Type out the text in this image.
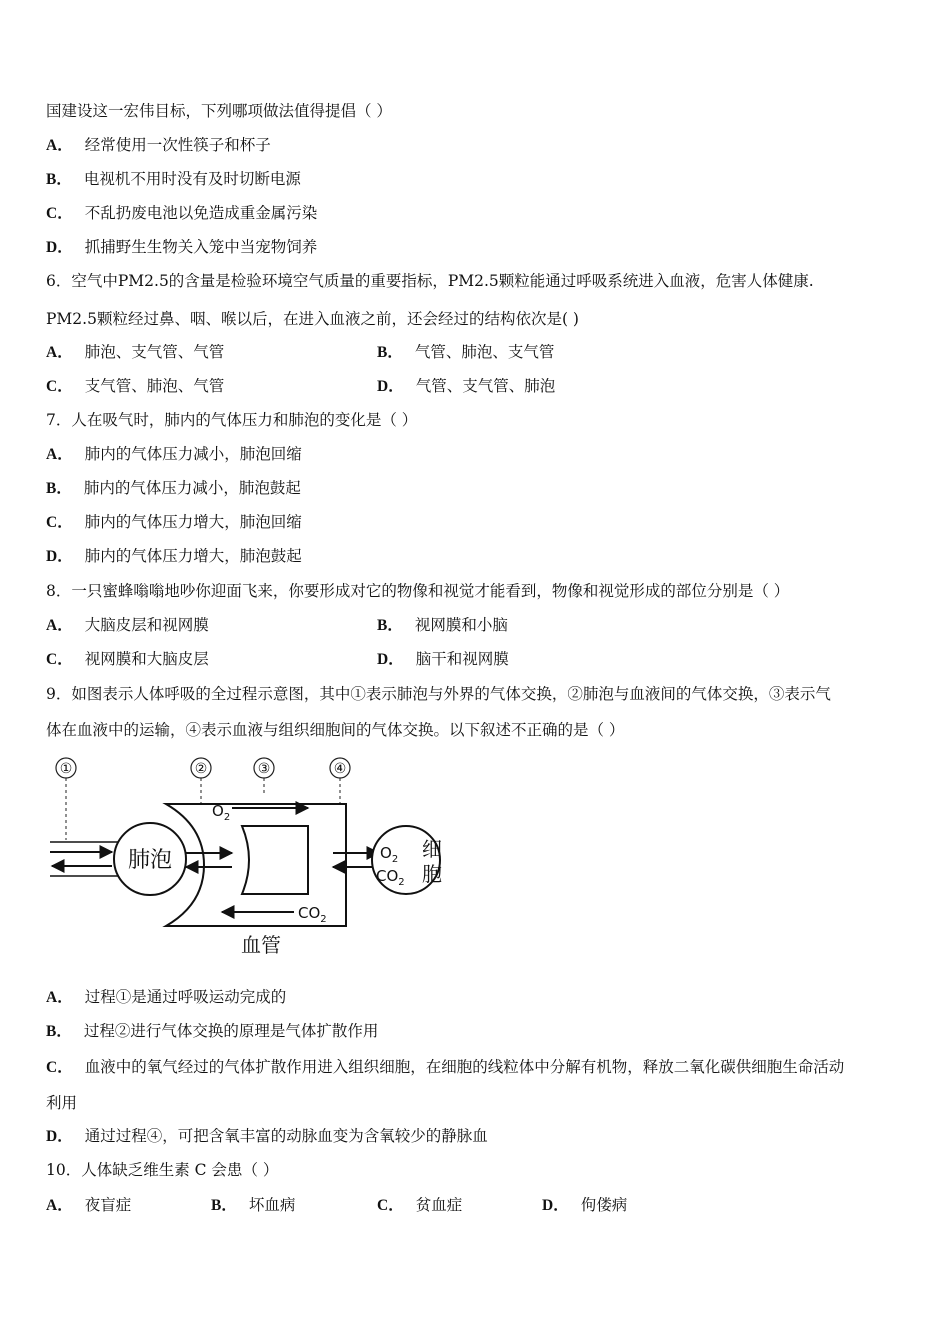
国建设这一宏伟目标，下列哪项做法值得提倡（ ）
A． 经常使用一次性筷子和杯子
B． 电视机不用时没有及时切断电源
C． 不乱扔废电池以免造成重金属污染
D． 抓捕野生生物关入笼中当宠物饲养
6．空气中PM2.5的含量是检验环境空气质量的重要指标，PM2.5颗粒能通过呼吸系统进入血液，危害人体健康.
PM2.5颗粒经过鼻、咽、喉以后，在进入血液之前，还会经过的结构依次是( )
A． 肺泡、支气管、气管	B． 气管、肺泡、支气管
C． 支气管、肺泡、气管	D． 气管、支气管、肺泡
7．人在吸气时，肺内的气体压力和肺泡的变化是（ ）
A． 肺内的气体压力减小，肺泡回缩
B． 肺内的气体压力减小，肺泡鼓起
C． 肺内的气体压力增大，肺泡回缩
D． 肺内的气体压力增大，肺泡鼓起
8．一只蜜蜂嗡嗡地吵你迎面飞来，你要形成对它的物像和视觉才能看到，物像和视觉形成的部位分别是（ ）
A． 大脑皮层和视网膜	B． 视网膜和小脑
C． 视网膜和大脑皮层	D． 脑干和视网膜
9．如图表示人体呼吸的全过程示意图，其中①表示肺泡与外界的气体交换，②肺泡与血液间的气体交换，③表示气
体在血液中的运输，④表示血液与组织细胞间的气体交换。以下叙述不正确的是（ ）
①	②	③	④
肺泡
$O_2$
$CO_2$
$O_2$
$CO_2$
细
胞
血管
A． 过程①是通过呼吸运动完成的
B． 过程②进行气体交换的原理是气体扩散作用
C． 血液中的氧气经过的气体扩散作用进入组织细胞，在细胞的线粒体中分解有机物，释放二氧化碳供细胞生命活动
利用
D． 通过过程④，可把含氧丰富的动脉血变为含氧较少的静脉血
10．人体缺乏维生素 C 会患（ ）
A． 夜盲症	B． 坏血病	C． 贫血症	D． 佝偻病
